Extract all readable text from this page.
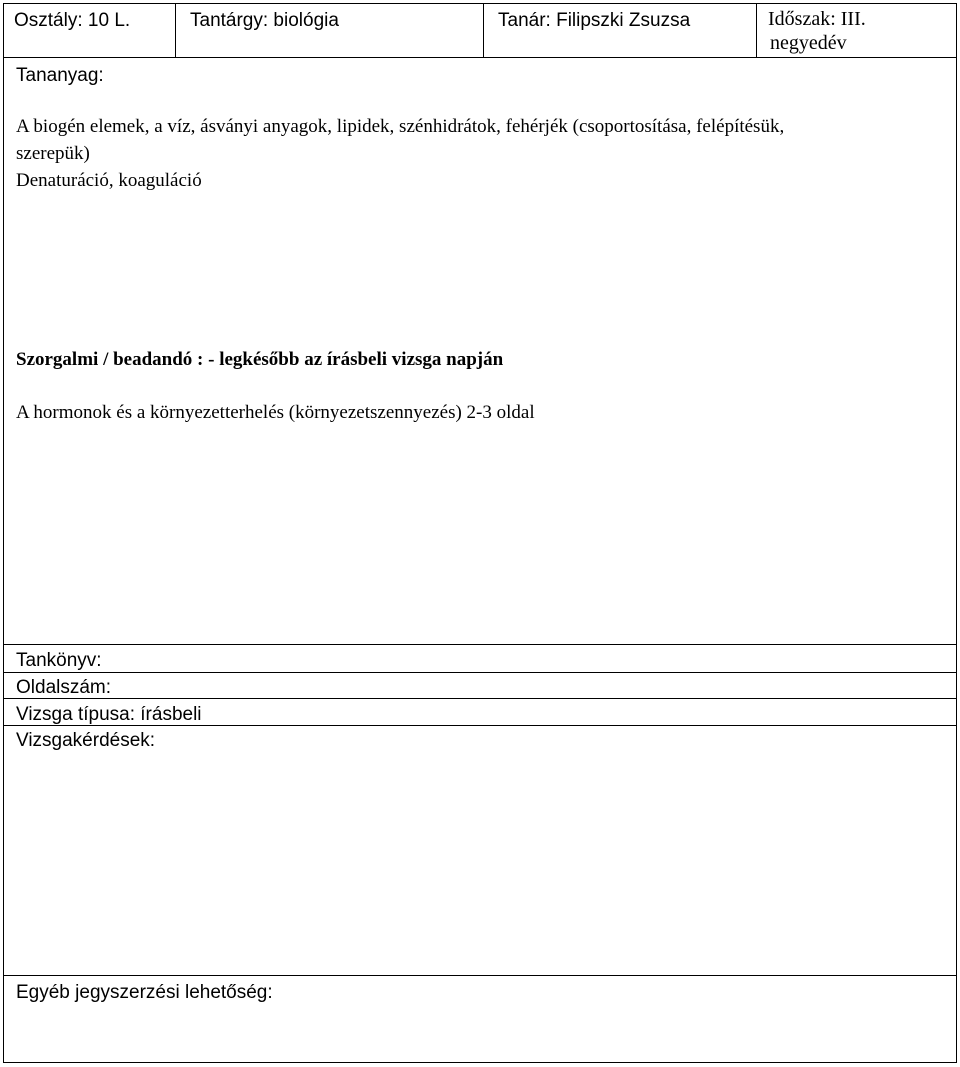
Osztály: 10 L.	Tantárgy: biológia	Tanár: Filipszki Zsuzsa	Időszak: III.
negyedév
Tananyag:
A biogén elemek, a víz, ásványi anyagok, lipidek, szénhidrátok, fehérjék (csoportosítása, felépítésük,
szerepük)
Denaturáció, koaguláció
Szorgalmi / beadandó : - legkésőbb az írásbeli vizsga napján
A hormonok és a környezetterhelés (környezetszennyezés) 2-3 oldal
Tankönyv:
Oldalszám:
Vizsga típusa: írásbeli
Vizsgakérdések:
Egyéb jegyszerzési lehetőség:
